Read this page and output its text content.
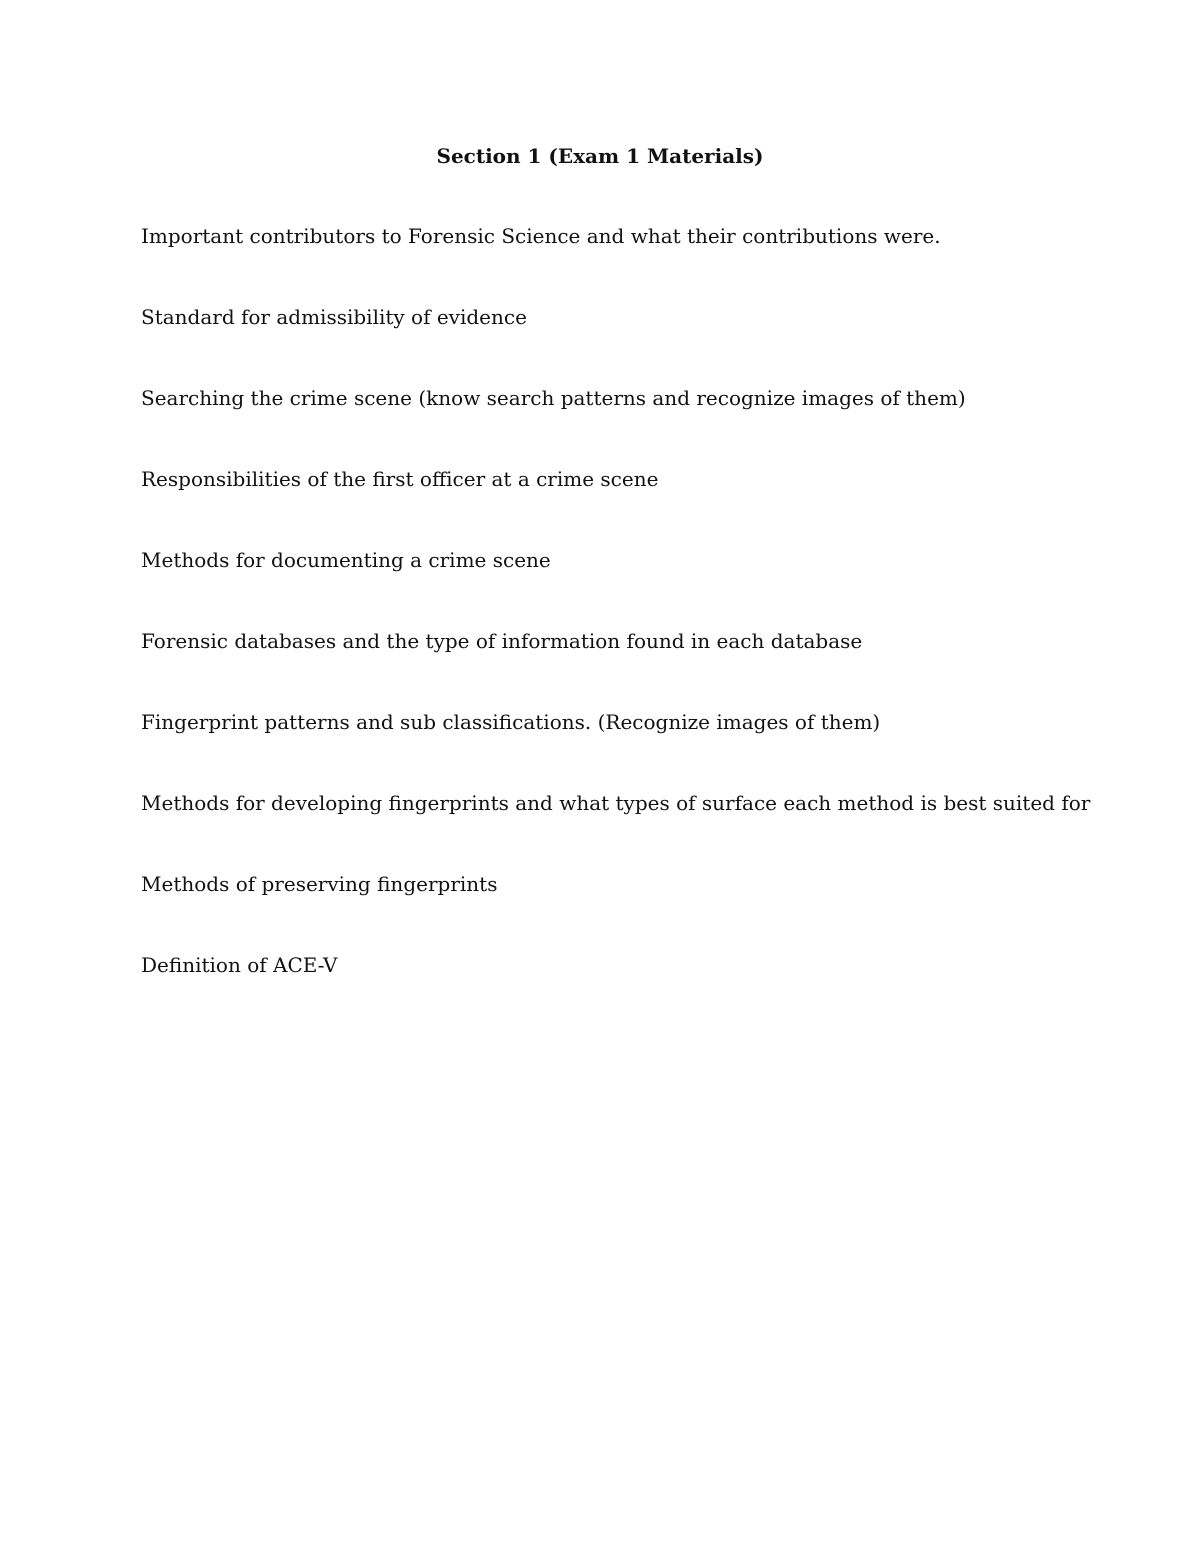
Section 1 (Exam 1 Materials)
Important contributors to Forensic Science and what their contributions were.
Standard for admissibility of evidence
Searching the crime scene (know search patterns and recognize images of them)
Responsibilities of the first officer at a crime scene
Methods for documenting a crime scene
Forensic databases and the type of information found in each database
Fingerprint patterns and sub classifications. (Recognize images of them)
Methods for developing fingerprints and what types of surface each method is best suited for
Methods of preserving fingerprints
Definition of ACE-V
